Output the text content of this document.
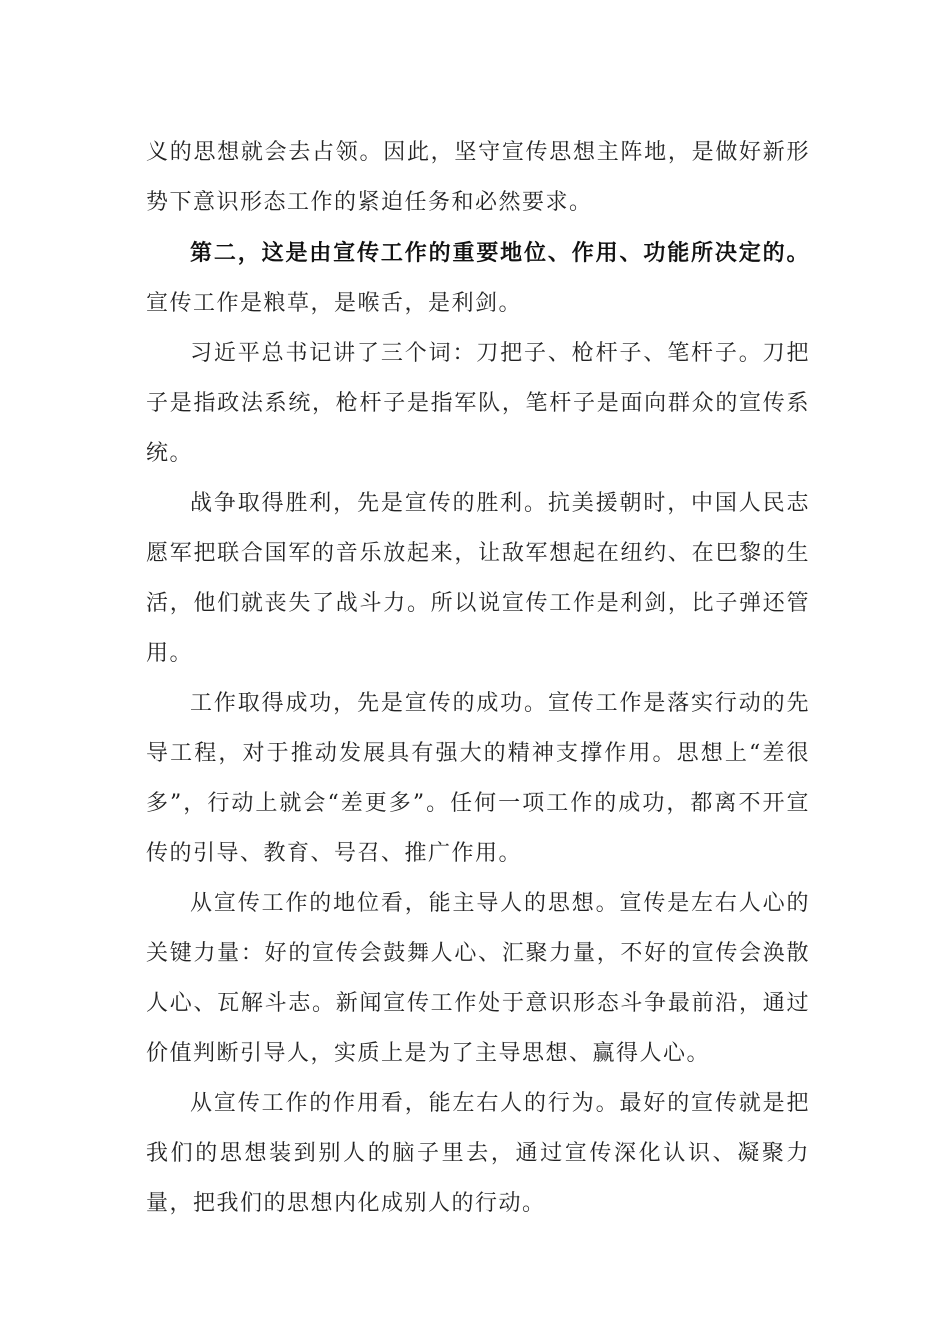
义的思想就会去占领。因此，坚守宣传思想主阵地，是做好新形势下意识形态工作的紧迫任务和必然要求。

第二，这是由宣传工作的重要地位、作用、功能所决定的。宣传工作是粮草，是喉舌，是利剑。

习近平总书记讲了三个词：刀把子、枪杆子、笔杆子。刀把子是指政法系统，枪杆子是指军队，笔杆子是面向群众的宣传系统。

战争取得胜利，先是宣传的胜利。抗美援朝时，中国人民志愿军把联合国军的音乐放起来，让敌军想起在纽约、在巴黎的生活，他们就丧失了战斗力。所以说宣传工作是利剑，比子弹还管用。

工作取得成功，先是宣传的成功。宣传工作是落实行动的先导工程，对于推动发展具有强大的精神支撑作用。思想上“差很多”，行动上就会“差更多”。任何一项工作的成功，都离不开宣传的引导、教育、号召、推广作用。

从宣传工作的地位看，能主导人的思想。宣传是左右人心的关键力量：好的宣传会鼓舞人心、汇聚力量，不好的宣传会涣散人心、瓦解斗志。新闻宣传工作处于意识形态斗争最前沿，通过价值判断引导人，实质上是为了主导思想、赢得人心。

从宣传工作的作用看，能左右人的行为。最好的宣传就是把我们的思想装到别人的脑子里去，通过宣传深化认识、凝聚力量，把我们的思想内化成别人的行动。
